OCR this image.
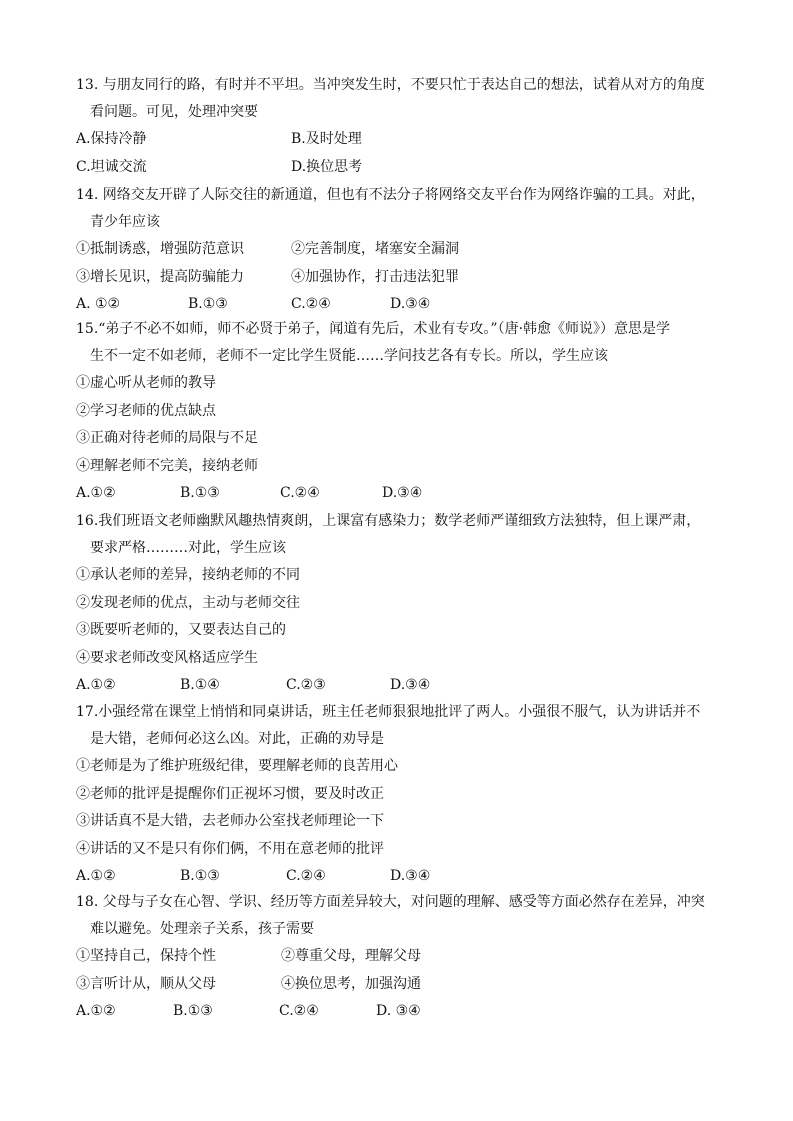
13. 与朋友同行的路，有时并不平坦。当冲突发生时，不要只忙于表达自己的想法，试着从对方的角度
看问题。可见，处理冲突要
A.保持冷静	B.及时处理
C.坦诚交流	D.换位思考
14. 网络交友开辟了人际交往的新通道，但也有不法分子将网络交友平台作为网络诈骗的工具。对此，
青少年应该
①抵制诱惑，增强防范意识	②完善制度，堵塞安全漏洞
③增长见识，提高防骗能力	④加强协作，打击违法犯罪
A. ①②	B.①③	C.②④	D.③④
15.“弟子不必不如师，师不必贤于弟子，闻道有先后，术业有专攻。”（唐·韩愈《师说》）意思是学
生不一定不如老师，老师不一定比学生贤能……学问技艺各有专长。所以，学生应该
①虚心听从老师的教导
②学习老师的优点缺点
③正确对待老师的局限与不足
④理解老师不完美，接纳老师
A.①②	B.①③	C.②④	D.③④
16.我们班语文老师幽默风趣热情爽朗，上课富有感染力；数学老师严谨细致方法独特，但上课严肃，
要求严格………对此，学生应该
①承认老师的差异，接纳老师的不同
②发现老师的优点，主动与老师交往
③既要听老师的，又要表达自己的
④要求老师改变风格适应学生
A.①②	B.①④	C.②③	D.③④
17.小强经常在课堂上悄悄和同桌讲话，班主任老师狠狠地批评了两人。小强很不服气，认为讲话并不
是大错，老师何必这么凶。对此，正确的劝导是
①老师是为了维护班级纪律，要理解老师的良苦用心
②老师的批评是提醒你们正视坏习惯，要及时改正
③讲话真不是大错，去老师办公室找老师理论一下
④讲话的又不是只有你们俩，不用在意老师的批评
A.①②	B.①③	C.②④	D.③④
18. 父母与子女在心智、学识、经历等方面差异较大，对问题的理解、感受等方面必然存在差异，冲突
难以避免。处理亲子关系，孩子需要
①坚持自己，保持个性	②尊重父母，理解父母
③言听计从，顺从父母	④换位思考，加强沟通
A.①②	B.①③	C.②④	D. ③④
